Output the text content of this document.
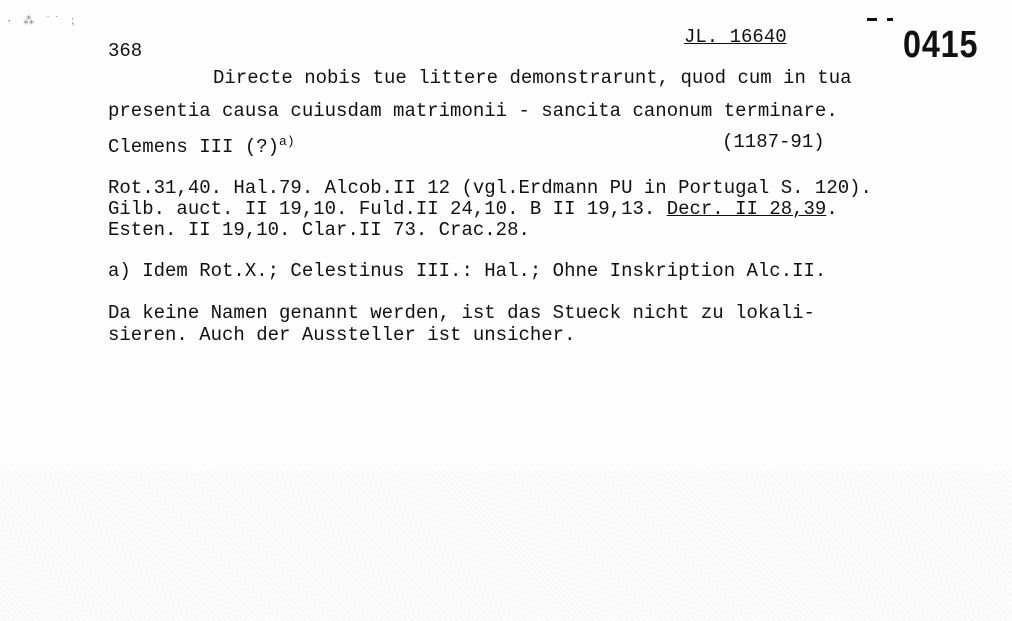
· ⁂ ˙˙ ⁏
368
JL. 16640	0415
Directe nobis tue littere demonstrarunt, quod cum in tua
presentia causa cuiusdam matrimonii - sancita canonum terminare.
Clemens III (?)$^{a)}$	(1187-91)
Rot.31,40. Hal.79. Alcob.II 12 (vgl.Erdmann PU in Portugal S. 120).
Gilb. auct. II 19,10. Fuld.II 24,10. B II 19,13. Decr. II 28,39.
Esten. II 19,10. Clar.II 73. Crac.28.
a) Idem Rot.X.; Celestinus III.: Hal.; Ohne Inskription Alc.II.
Da keine Namen genannt werden, ist das Stueck nicht zu lokali-
sieren. Auch der Aussteller ist unsicher.
